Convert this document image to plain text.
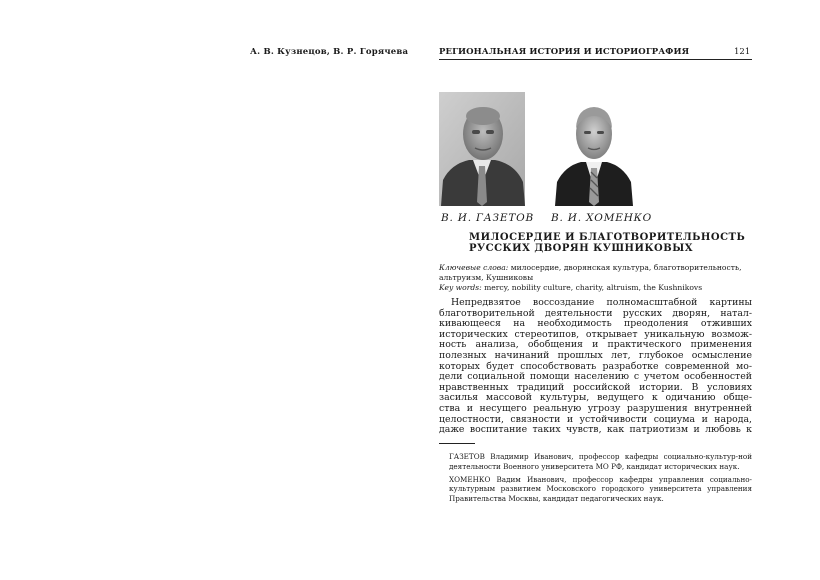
А. В. Кузнецов, В. Р. Горячева	РЕГИОНАЛЬНАЯ ИСТОРИЯ И ИСТОРИОГРАФИЯ	121
В. И. ГАЗЕТОВ В. И. ХОМЕНКО
МИЛОСЕРДИЕ И БЛАГОТВОРИТЕЛЬНОСТЬ
РУССКИХ ДВОРЯН КУШНИКОВЫХ
Ключевые слова: милосердие, дворянская культура, благотворительность,
альтруизм, Кушниковы
Key words: mercy, nobility culture, charity, altruism, the Kushnikovs
Непредвзятое воссоздание полномасштабной картины
благотворительной деятельности русских дворян, натал-
кивающееся на необходимость преодоления отживших
исторических стереотипов, открывает уникальную возмож-
ность анализа, обобщения и практического применения
полезных начинаний прошлых лет, глубокое осмысление
которых будет способствовать разработке современной мо-
дели социальной помощи населению с учетом особенностей
нравственных традиций российской истории. В условиях
засилья массовой культуры, ведущего к одичанию обще-
ства и несущего реальную угрозу разрушения внутренней
целостности, связности и устойчивости социума и народа,
даже воспитание таких чувств, как патриотизм и любовь к

ГАЗЕТОВ Владимир Иванович, профессор кафедры социально-культур-ной деятельности Военного университета МО РФ, кандидат исторических наук.

ХОМЕНКО Вадим Иванович, профессор кафедры управления социально-культурным развитием Московского городского университета управления Правительства Москвы, кандидат педагогических наук.
